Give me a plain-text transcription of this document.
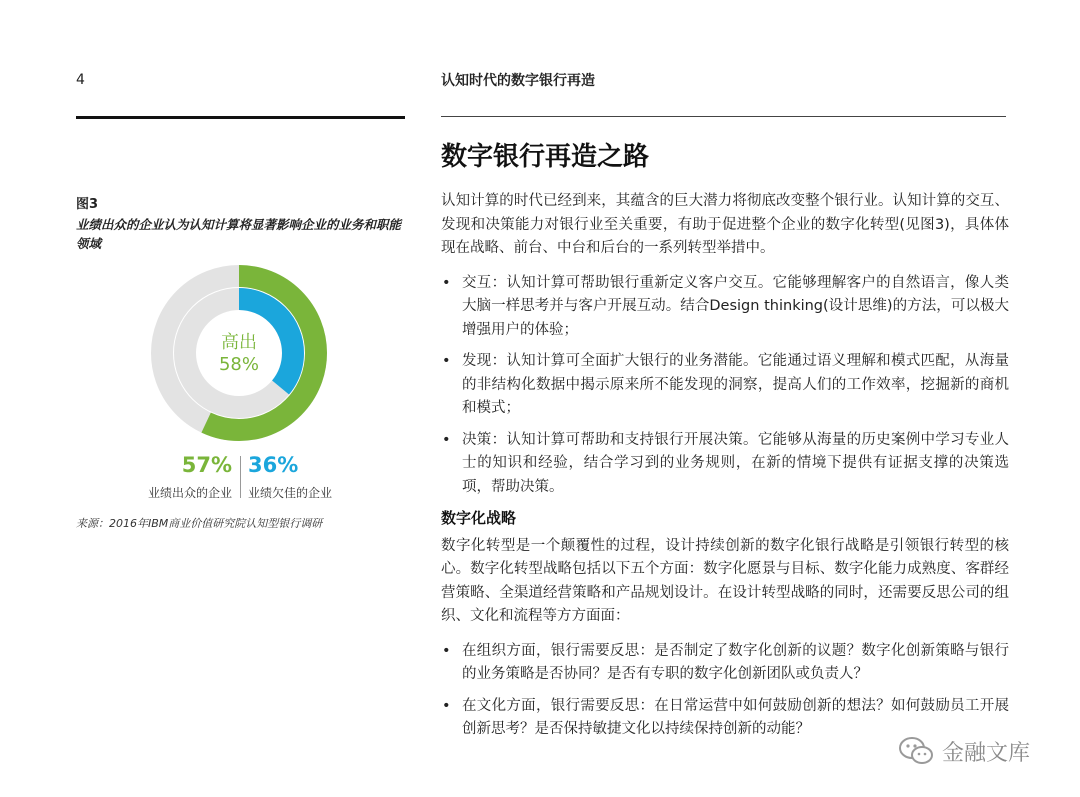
4	认知时代的数字银行再造
数字银行再造之路
图3
业绩出众的企业认为认知计算将显著影响企业的业务和职能领域
高出
58%
57%
业绩出众的企业
36%
业绩欠佳的企业
来源：2016年IBM商业价值研究院认知型银行调研

认知计算的时代已经到来，其蕴含的巨大潜力将彻底改变整个银行业。认知计算的交互、发现和决策能力对银行业至关重要，有助于促进整个企业的数字化转型(见图3)，具体体现在战略、前台、中台和后台的一系列转型举措中。

• 交互：认知计算可帮助银行重新定义客户交互。它能够理解客户的自然语言，像人类大脑一样思考并与客户开展互动。结合Design thinking(设计思维)的方法，可以极大增强用户的体验；
• 发现：认知计算可全面扩大银行的业务潜能。它能通过语义理解和模式匹配，从海量的非结构化数据中揭示原来所不能发现的洞察，提高人们的工作效率，挖掘新的商机和模式；
• 决策：认知计算可帮助和支持银行开展决策。它能够从海量的历史案例中学习专业人士的知识和经验，结合学习到的业务规则，在新的情境下提供有证据支撑的决策选项，帮助决策。
数字化战略

数字化转型是一个颠覆性的过程，设计持续创新的数字化银行战略是引领银行转型的核心。数字化转型战略包括以下五个方面：数字化愿景与目标、数字化能力成熟度、客群经营策略、全渠道经营策略和产品规划设计。在设计转型战略的同时，还需要反思公司的组织、文化和流程等方方面面：

• 在组织方面，银行需要反思：是否制定了数字化创新的议题？数字化创新策略与银行的业务策略是否协同？是否有专职的数字化创新团队或负责人？
• 在文化方面，银行需要反思：在日常运营中如何鼓励创新的想法？如何鼓励员工开展创新思考？是否保持敏捷文化以持续保持创新的动能？
金融文库
